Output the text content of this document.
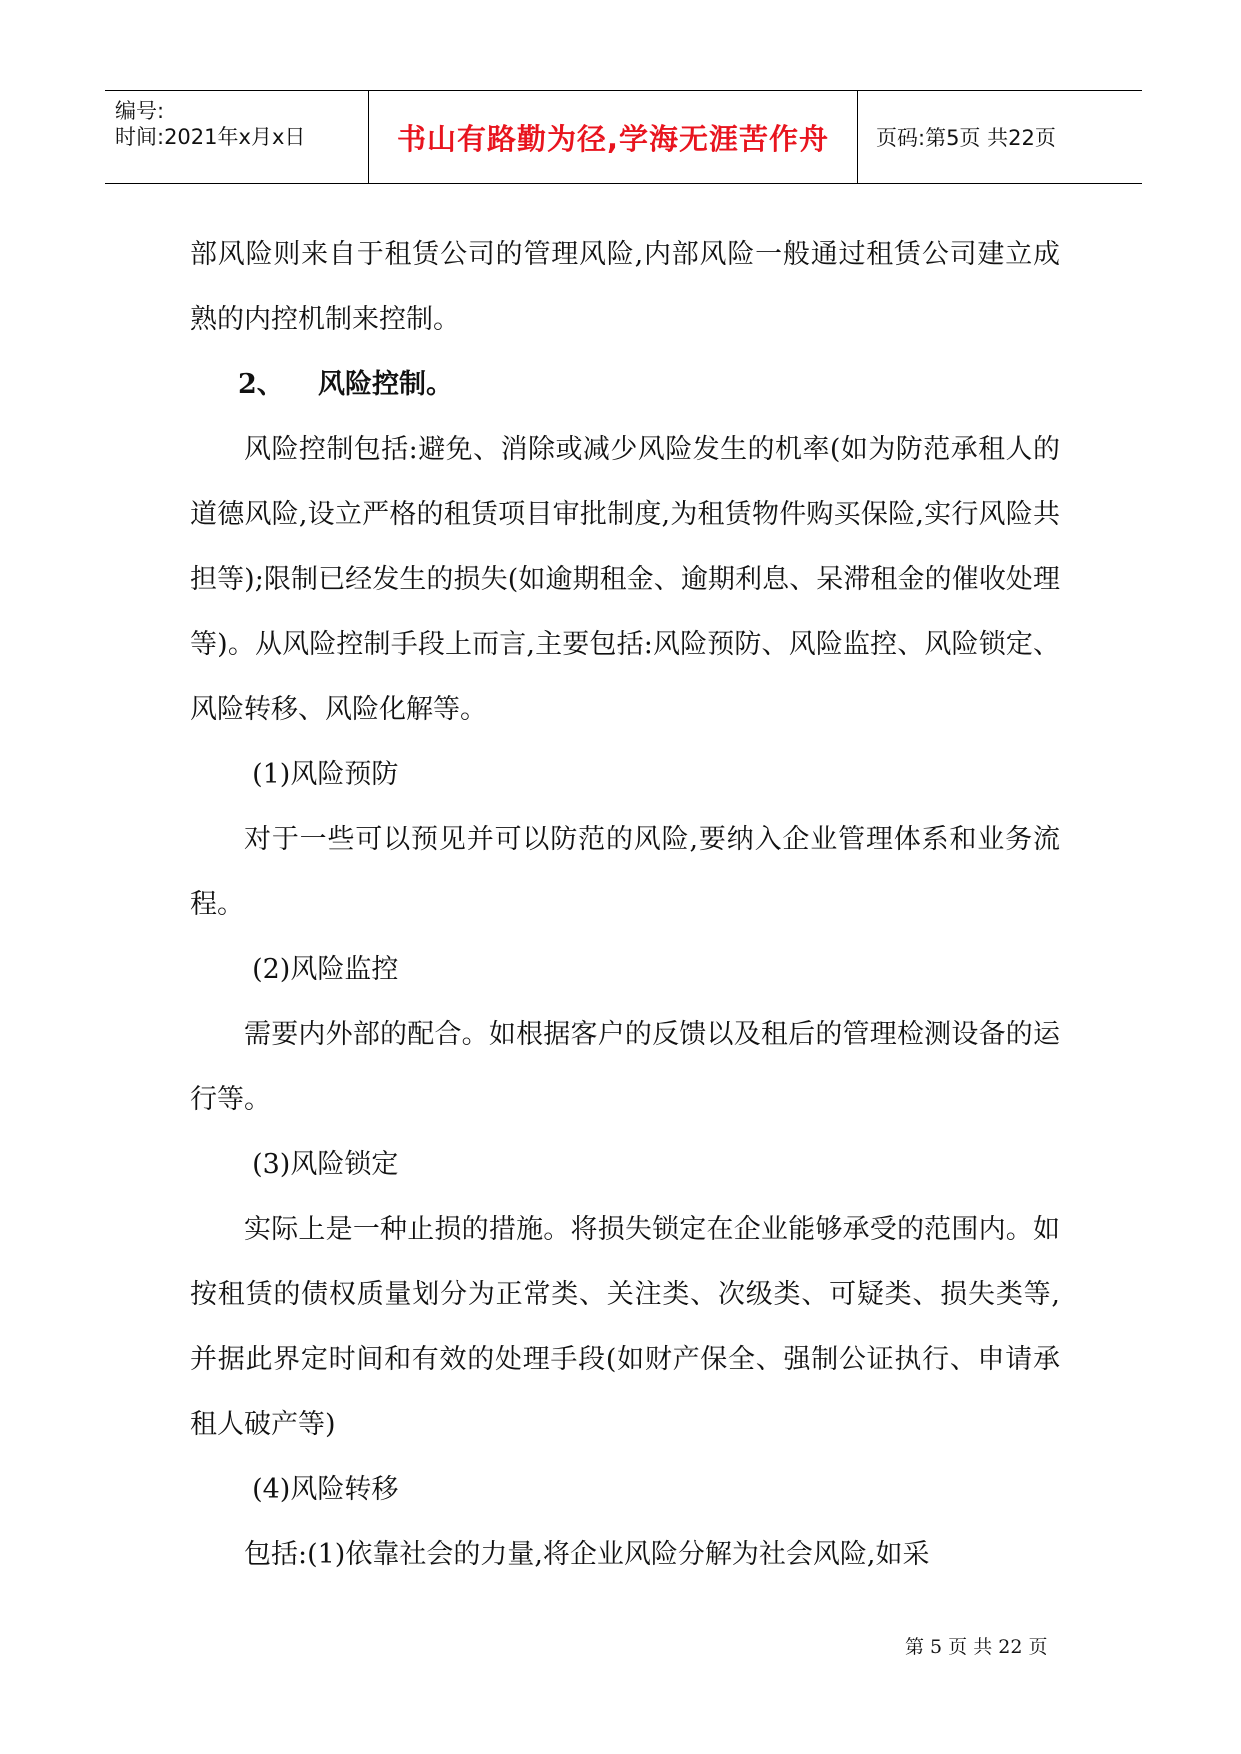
编号:
时间:2021年x月x日	书山有路勤为径,学海无涯苦作舟	页码:第5页 共22页

部风险则来自于租赁公司的管理风险,内部风险一般通过租赁公司建立成熟的内控机制来控制。

2、 风险控制。

风险控制包括:避免、消除或减少风险发生的机率(如为防范承租人的道德风险,设立严格的租赁项目审批制度,为租赁物件购买保险,实行风险共担等);限制已经发生的损失(如逾期租金、逾期利息、呆滞租金的催收处理等)。从风险控制手段上而言,主要包括:风险预防、风险监控、风险锁定、风险转移、风险化解等。

(1)风险预防

对于一些可以预见并可以防范的风险,要纳入企业管理体系和业务流程。

(2)风险监控

需要内外部的配合。如根据客户的反馈以及租后的管理检测设备的运行等。

(3)风险锁定

实际上是一种止损的措施。将损失锁定在企业能够承受的范围内。如按租赁的债权质量划分为正常类、关注类、次级类、可疑类、损失类等,并据此界定时间和有效的处理手段(如财产保全、强制公证执行、申请承租人破产等)

(4)风险转移

包括:(1)依靠社会的力量,将企业风险分解为社会风险,如采

第 5 页 共 22 页
